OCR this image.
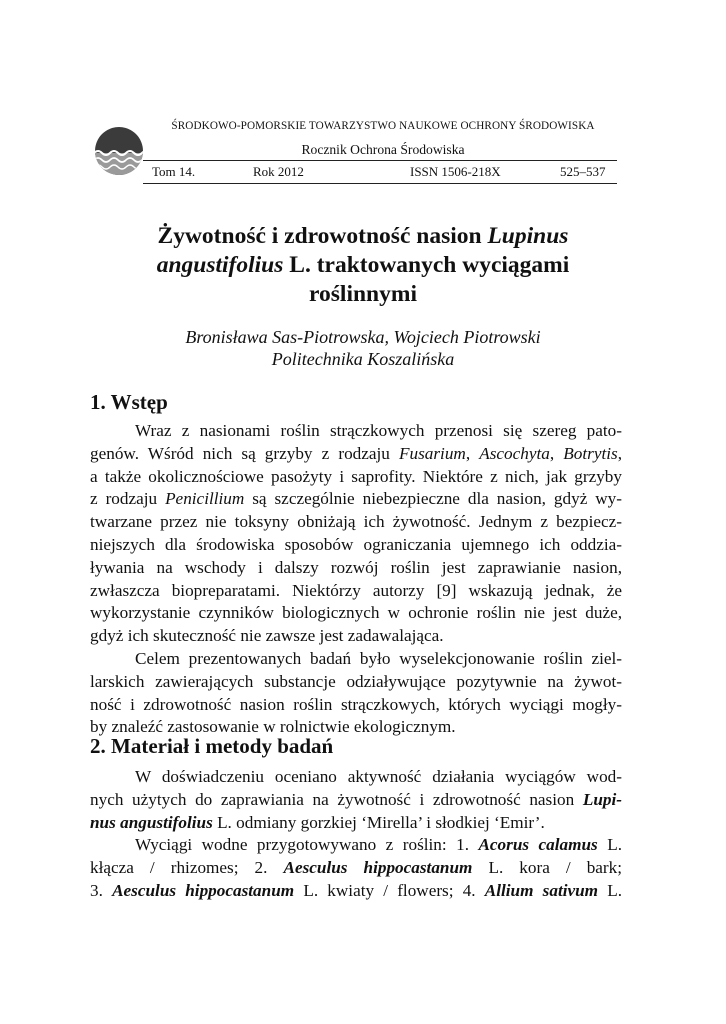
ŚRODKOWO-POMORSKIE TOWARZYSTWO NAUKOWE OCHRONY ŚRODOWISKA
Rocznik Ochrona Środowiska
Tom 14.	Rok 2012	ISSN 1506-218X	525–537
Żywotność i zdrowotność nasion Lupinus
angustifolius L. traktowanych wyciągami
roślinnymi
Bronisława Sas-Piotrowska, Wojciech Piotrowski
Politechnika Koszalińska
1. Wstęp
Wraz z nasionami roślin strączkowych przenosi się szereg pato-
genów. Wśród nich są grzyby z rodzaju Fusarium, Ascochyta, Botrytis,
a także okolicznościowe pasożyty i saprofity. Niektóre z nich, jak grzyby
z rodzaju Penicillium są szczególnie niebezpieczne dla nasion, gdyż wy-
twarzane przez nie toksyny obniżają ich żywotność. Jednym z bezpiecz-
niejszych dla środowiska sposobów ograniczania ujemnego ich oddzia-
ływania na wschody i dalszy rozwój roślin jest zaprawianie nasion,
zwłaszcza biopreparatami. Niektórzy autorzy [9] wskazują jednak, że
wykorzystanie czynników biologicznych w ochronie roślin nie jest duże,
gdyż ich skuteczność nie zawsze jest zadawalająca.
Celem prezentowanych badań było wyselekcjonowanie roślin ziel-
larskich zawierających substancje odziaływujące pozytywnie na żywot-
ność i zdrowotność nasion roślin strączkowych, których wyciągi mogły-
by znaleźć zastosowanie w rolnictwie ekologicznym.
2. Materiał i metody badań
W doświadczeniu oceniano aktywność działania wyciągów wod-
nych użytych do zaprawiania na żywotność i zdrowotność nasion Lupi-
nus angustifolius L. odmiany gorzkiej ‘Mirella’ i słodkiej ‘Emir’.
Wyciągi wodne przygotowywano z roślin: 1. Acorus calamus L.
kłącza / rhizomes; 2. Aesculus hippocastanum L. kora / bark;
3. Aesculus hippocastanum L. kwiaty / flowers; 4. Allium sativum L.
